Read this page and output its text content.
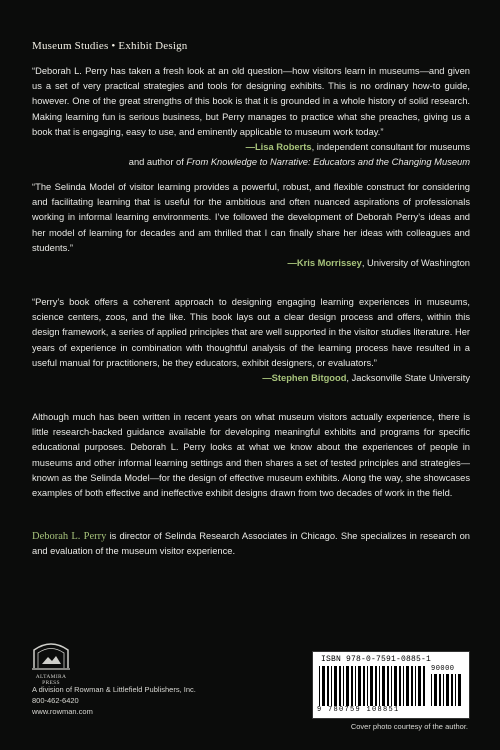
Museum Studies • Exhibit Design

“Deborah L. Perry has taken a fresh look at an old question—how visitors learn in museums—and given us a set of very practical strategies and tools for designing exhibits. This is no ordinary how-to guide, however. One of the great strengths of this book is that it is grounded in a whole history of solid research. Making learning fun is serious business, but Perry manages to practice what she preaches, giving us a book that is engaging, easy to use, and eminently applicable to museum work today.”

—Lisa Roberts, independent consultant for museums
and author of From Knowledge to Narrative: Educators and the Changing Museum

“The Selinda Model of visitor learning provides a powerful, robust, and flexible construct for considering and facilitating learning that is useful for the ambitious and often nuanced aspirations of professionals working in informal learning environments. I’ve followed the development of Deborah Perry’s ideas and her model of learning for decades and am thrilled that I can finally share her ideas with colleagues and students.”

—Kris Morrissey, University of Washington

“Perry’s book offers a coherent approach to designing engaging learning experiences in museums, science centers, zoos, and the like. This book lays out a clear design process and offers, within this design framework, a series of applied principles that are well supported in the visitor studies literature. Her years of experience in combination with thoughtful analysis of the learning process have resulted in a useful manual for practitioners, be they educators, exhibit designers, or evaluators.”

—Stephen Bitgood, Jacksonville State University

Although much has been written in recent years on what museum visitors actually experience, there is little research-backed guidance available for developing meaningful exhibits and programs for specific educational purposes. Deborah L. Perry looks at what we know about the experiences of people in museums and other informal learning settings and then shares a set of tested principles and strategies—known as the Selinda Model—for the design of effective museum exhibits. Along the way, she showcases examples of both effective and ineffective exhibit designs drawn from two decades of work in the field.

Deborah L. Perry is director of Selinda Research Associates in Chicago. She specializes in research on and evaluation of the museum visitor experience.

ALTAMIRA PRESS
A division of Rowman & Littlefield Publishers, Inc.
800-462-6420
www.rowman.com
ISBN 978-0-7591-0885-1
90000
9 780759 108851
Cover photo courtesy of the author.
